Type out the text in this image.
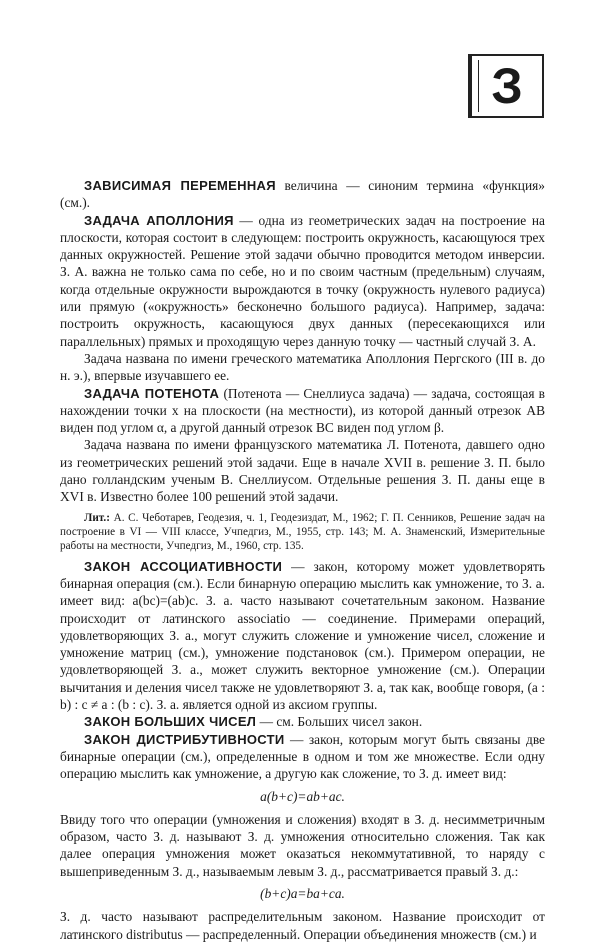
З

ЗАВИСИМАЯ ПЕРЕМЕННАЯ величина — синоним термина «функция» (см.).

ЗАДАЧА АПОЛЛОНИЯ — одна из геометрических задач на построение на плоскости, которая состоит в следующем: построить окружность, касающуюся трех данных окружностей. Решение этой задачи обычно проводится методом инверсии. З. А. важна не только сама по себе, но и по своим частным (предельным) случаям, когда отдельные окружности вырождаются в точку (окружность нулевого радиуса) или прямую («окружность» бесконечно большого радиуса). Например, задача: построить окружность, касающуюся двух данных (пересекающихся или параллельных) прямых и проходящую через данную точку — частный случай З. А.

Задача названа по имени греческого математика Аполлония Пергского (III в. до н. э.), впервые изучавшего ее.

ЗАДАЧА ПОТЕНОТА (Потенота — Снеллиуса задача) — задача, состоящая в нахождении точки x на плоскости (на местности), из которой данный отрезок AB виден под углом α, а другой данный отрезок BC виден под углом β.

Задача названа по имени французского математика Л. Потенота, давшего одно из геометрических решений этой задачи. Еще в начале XVII в. решение З. П. было дано голландским ученым В. Снеллиусом. Отдельные решения З. П. даны еще в XVI в. Известно более 100 решений этой задачи.

Лит.: А. С. Чеботарев, Геодезия, ч. 1, Геодезиздат, М., 1962; Г. П. Сенников, Решение задач на построение в VI — VIII классе, Учпедгиз, М., 1955, стр. 143; М. А. Знаменский, Измерительные работы на местности, Учпедгиз, М., 1960, стр. 135.

ЗАКОН АССОЦИАТИВНОСТИ — закон, которому может удовлетворять бинарная операция (см.). Если бинарную операцию мыслить как умножение, то З. а. имеет вид: a(bc)=(ab)c. З. а. часто называют сочетательным законом. Название происходит от латинского associatio — соединение. Примерами операций, удовлетворяющих З. а., могут служить сложение и умножение чисел, сложение и умножение матриц (см.), умножение подстановок (см.). Примером операции, не удовлетворяющей З. а., может служить векторное умножение (см.). Операции вычитания и деления чисел также не удовлетворяют З. а, так как, вообще говоря, (a : b) : c ≠ a : (b : c). З. а. является одной из аксиом группы.

ЗАКОН БОЛЬШИХ ЧИСЕЛ — см. Больших чисел закон.

ЗАКОН ДИСТРИБУТИВНОСТИ — закон, которым могут быть связаны две бинарные операции (см.), определенные в одном и том же множестве. Если одну операцию мыслить как умножение, а другую как сложение, то З. д. имеет вид:

a(b+c)=ab+ac.

Ввиду того что операции (умножения и сложения) входят в З. д. несимметричным образом, часто З. д. называют З. д. умножения относительно сложения. Так как далее операция умножения может оказаться некоммутативной, то наряду с вышеприведенным З. д., называемым левым З. д., рассматривается правый З. д.:

(b+c)a=ba+ca.

З. д. часто называют распределительным законом. Название происходит от латинского distributus — распределенный. Операции объединения множеств (см.) и
